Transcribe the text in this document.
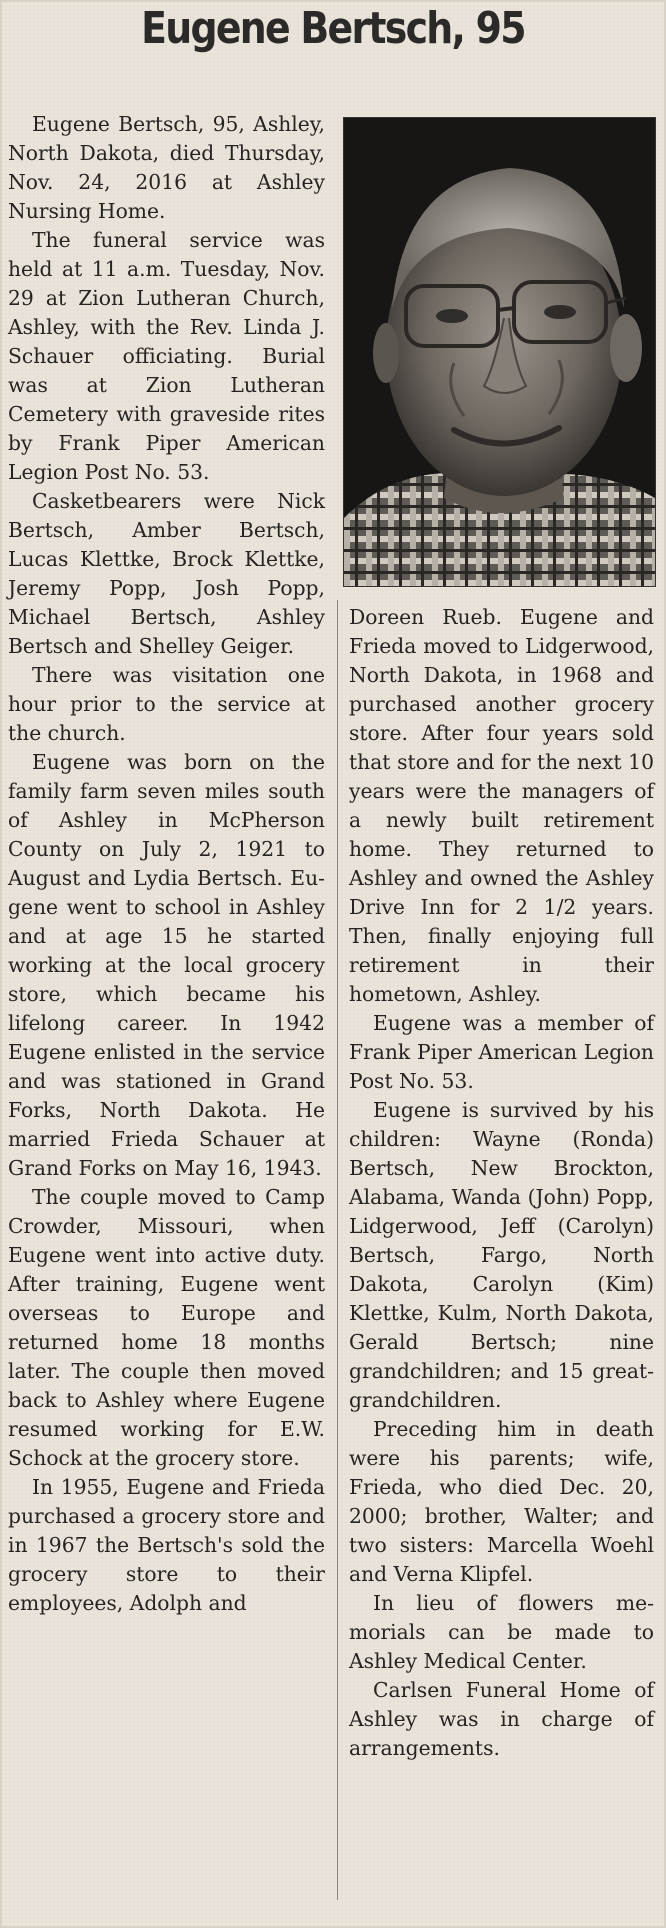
Eugene Bertsch, 95

Eugene Bertsch, 95, Ashley, North Dakota, died Thursday, Nov. 24, 2016 at Ashley Nursing Home.

The funeral service was held at 11 a.m. Tuesday, Nov. 29 at Zion Lutheran Church, Ashley, with the Rev. Linda J. Schauer officiating. Burial was at Zion Lutheran Cemetery with graveside rites by Frank Piper American Legion Post No. 53.

Casketbearers were Nick Bertsch, Amber Bertsch, Lucas Klettke, Brock Klettke, Jeremy Popp, Josh Popp, Michael Bertsch, Ashley Bertsch and Shelley Geiger.

There was visitation one hour prior to the service at the church.

Eugene was born on the family farm seven miles south of Ashley in McPherson County on July 2, 1921 to August and Lydia Bertsch. Eugene went to school in Ashley and at age 15 he started working at the local grocery store, which became his lifelong career. In 1942 Eugene enlisted in the service and was stationed in Grand Forks, North Dakota. He married Frieda Schauer at Grand Forks on May 16, 1943.

The couple moved to Camp Crowder, Missouri, when Eugene went into active duty. After training, Eugene went overseas to Europe and returned home 18 months later. The couple then moved back to Ashley where Eugene resumed working for E.W. Schock at the grocery store.

In 1955, Eugene and Frieda purchased a grocery store and in 1967 the Bertsch's sold the grocery store to their employees, Adolph and

Doreen Rueb. Eugene and Frieda moved to Lidgerwood, North Dakota, in 1968 and purchased another grocery store. After four years sold that store and for the next 10 years were the managers of a newly built retirement home. They returned to Ashley and owned the Ashley Drive Inn for 2 1/2 years. Then, finally enjoying full retirement in their hometown, Ashley.

Eugene was a member of Frank Piper American Legion Post No. 53.

Eugene is survived by his children: Wayne (Ronda) Bertsch, New Brockton, Alabama, Wanda (John) Popp, Lidgerwood, Jeff (Carolyn) Bertsch, Fargo, North Dakota, Carolyn (Kim) Klettke, Kulm, North Dakota, Gerald Bertsch; nine grandchildren; and 15 great-grandchildren.

Preceding him in death were his parents; wife, Frieda, who died Dec. 20, 2000; brother, Walter; and two sisters: Marcella Woehl and Verna Klipfel.

In lieu of flowers memorials can be made to Ashley Medical Center.

Carlsen Funeral Home of Ashley was in charge of arrangements.
